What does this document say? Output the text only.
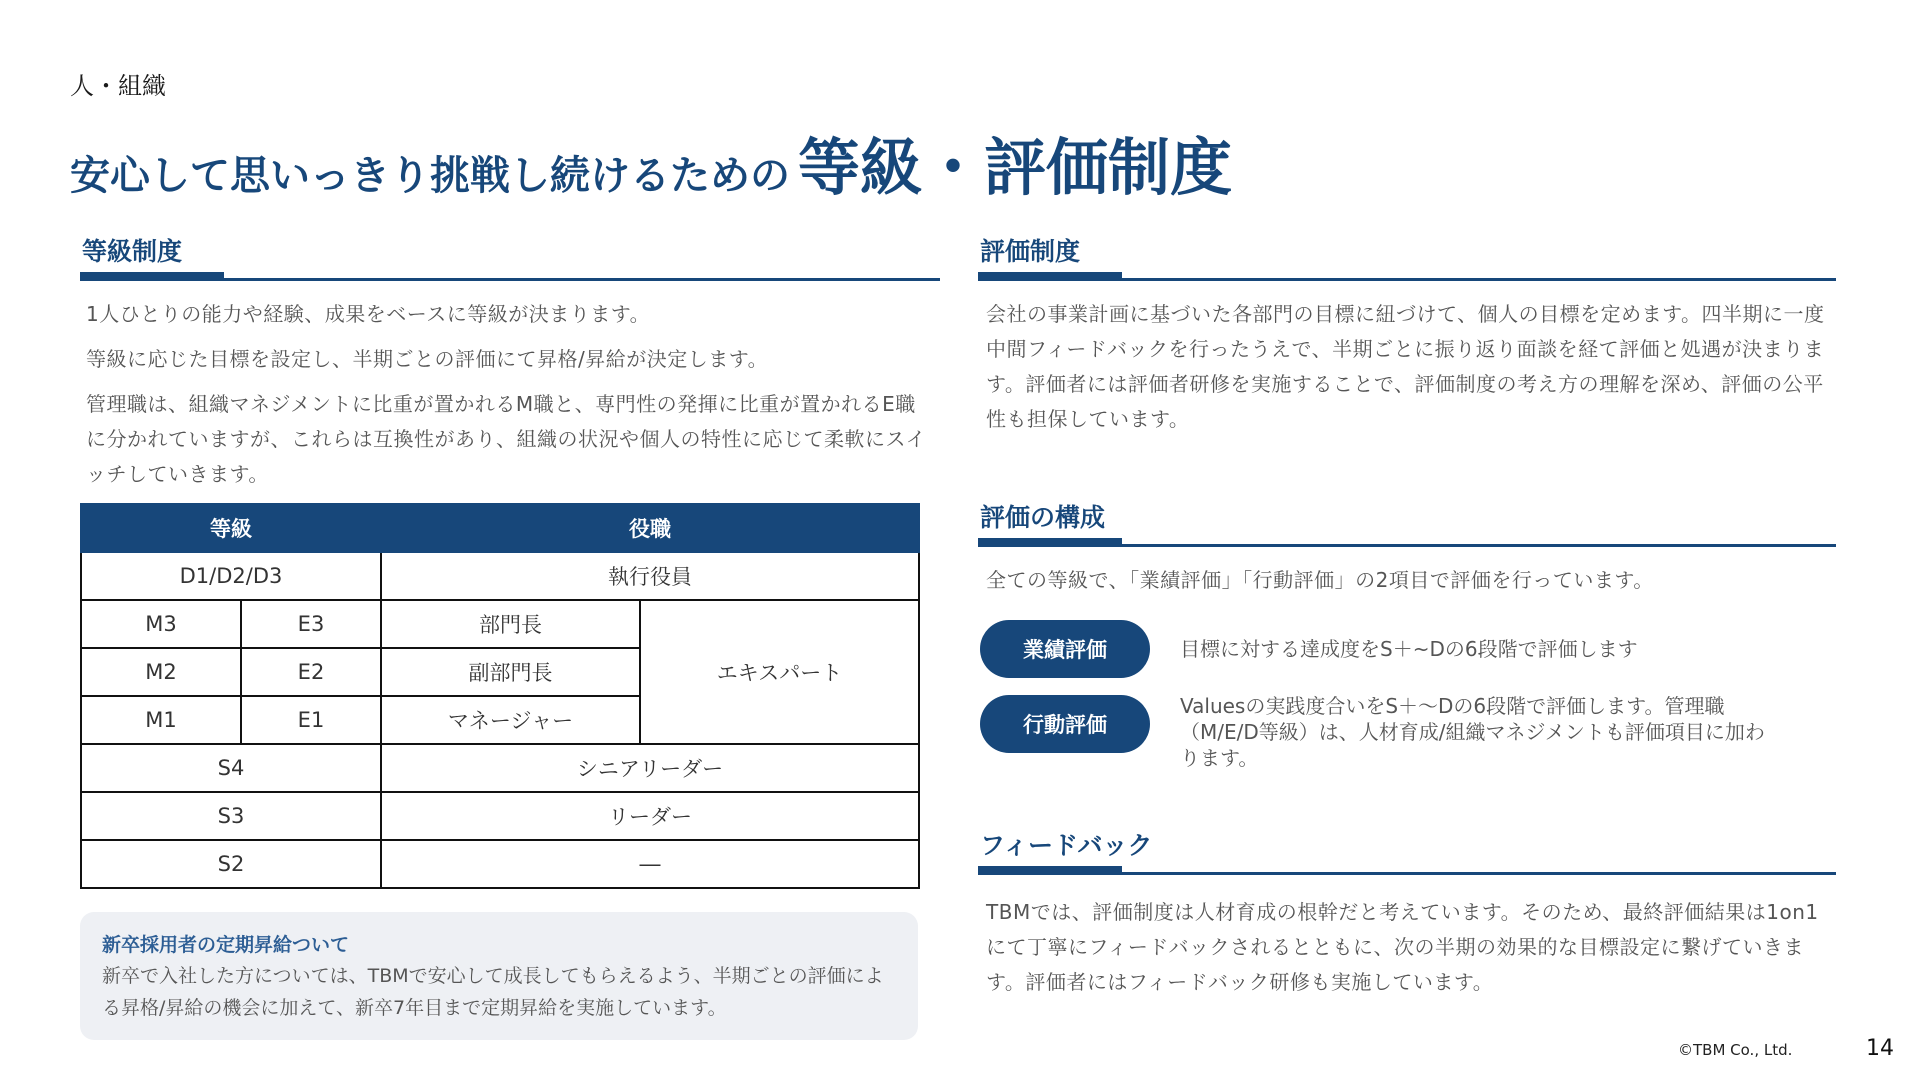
人・組織
安心して思いっきり挑戦し続けるための 等級・評価制度
等級制度
1人ひとりの能力や経験、成果をベースに等級が決まります。
等級に応じた目標を設定し、半期ごとの評価にて昇格/昇給が決定します。
管理職は、組織マネジメントに比重が置かれるM職と、専門性の発揮に比重が置かれるE職に分かれていますが、これらは互換性があり、組織の状況や個人の特性に応じて柔軟にスイッチしていきます。
等級		役職	
D1/D2/D3		執行役員	
M3	E3	部門長	エキスパート
M2	E2	副部門長	
M1	E1	マネージャー	
S4		シニアリーダー	
S3		リーダー	
S2		―	
新卒採用者の定期昇給ついて
新卒で入社した方については、TBMで安心して成長してもらえるよう、半期ごとの評価による昇格/昇給の機会に加えて、新卒7年目まで定期昇給を実施しています。
評価制度
会社の事業計画に基づいた各部門の目標に紐づけて、個人の目標を定めます。四半期に一度中間フィードバックを行ったうえで、半期ごとに振り返り面談を経て評価と処遇が決まります。評価者には評価者研修を実施することで、評価制度の考え方の理解を深め、評価の公平性も担保しています。
評価の構成
全ての等級で、「業績評価」「行動評価」の2項目で評価を行っています。
業績評価	目標に対する達成度をS＋~Dの6段階で評価します
行動評価
Valuesの実践度合いをS＋～Dの6段階で評価します。管理職（M/E/D等級）は、人材育成/組織マネジメントも評価項目に加わります。
フィードバック
TBMでは、評価制度は人材育成の根幹だと考えています。そのため、最終評価結果は1on1にて丁寧にフィードバックされるとともに、次の半期の効果的な目標設定に繋げていきます。評価者にはフィードバック研修も実施しています。
©TBM Co., Ltd.	14
